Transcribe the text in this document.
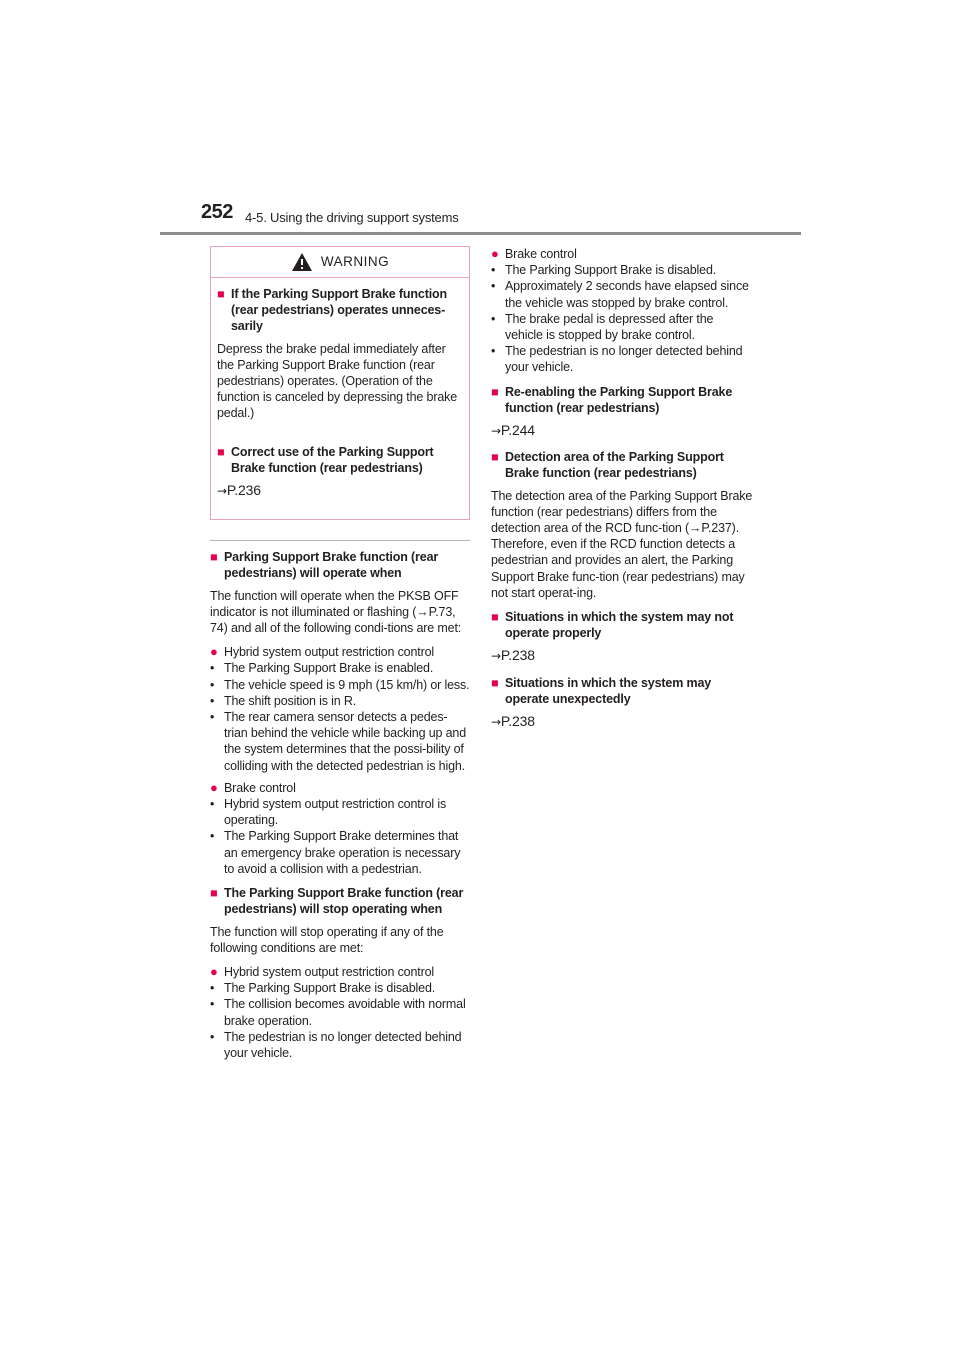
252 4-5. Using the driving support systems
WARNING
■ If the Parking Support Brake function (rear pedestrians) operates unneces-sarily

Depress the brake pedal immediately after the Parking Support Brake function (rear pedestrians) operates. (Operation of the function is canceled by depressing the brake pedal.)

■ Correct use of the Parking Support Brake function (rear pedestrians)
→P.236
■ Parking Support Brake function (rear pedestrians) will operate when

The function will operate when the PKSB OFF indicator is not illuminated or flashing (→P.73, 74) and all of the following condi-tions are met:

● Hybrid system output restriction control
• The Parking Support Brake is enabled.
• The vehicle speed is 9 mph (15 km/h) or less.
• The shift position is in R.
• The rear camera sensor detects a pedes-trian behind the vehicle while backing up and the system determines that the possi-bility of colliding with the detected pedestrian is high.
● Brake control
• Hybrid system output restriction control is operating.
• The Parking Support Brake determines that an emergency brake operation is necessary to avoid a collision with a pedestrian.
■ The Parking Support Brake function (rear pedestrians) will stop operating when

The function will stop operating if any of the following conditions are met:

● Hybrid system output restriction control
• The Parking Support Brake is disabled.
• The collision becomes avoidable with normal brake operation.
• The pedestrian is no longer detected behind your vehicle.
● Brake control
• The Parking Support Brake is disabled.
• Approximately 2 seconds have elapsed since the vehicle was stopped by brake control.
• The brake pedal is depressed after the vehicle is stopped by brake control.
• The pedestrian is no longer detected behind your vehicle.
■ Re-enabling the Parking Support Brake function (rear pedestrians)
→P.244
■ Detection area of the Parking Support Brake function (rear pedestrians)

The detection area of the Parking Support Brake function (rear pedestrians) differs from the detection area of the RCD func-tion (→P.237). Therefore, even if the RCD function detects a pedestrian and provides an alert, the Parking Support Brake func-tion (rear pedestrians) may not start operat-ing.

■ Situations in which the system may not operate properly
→P.238
■ Situations in which the system may operate unexpectedly
→P.238
